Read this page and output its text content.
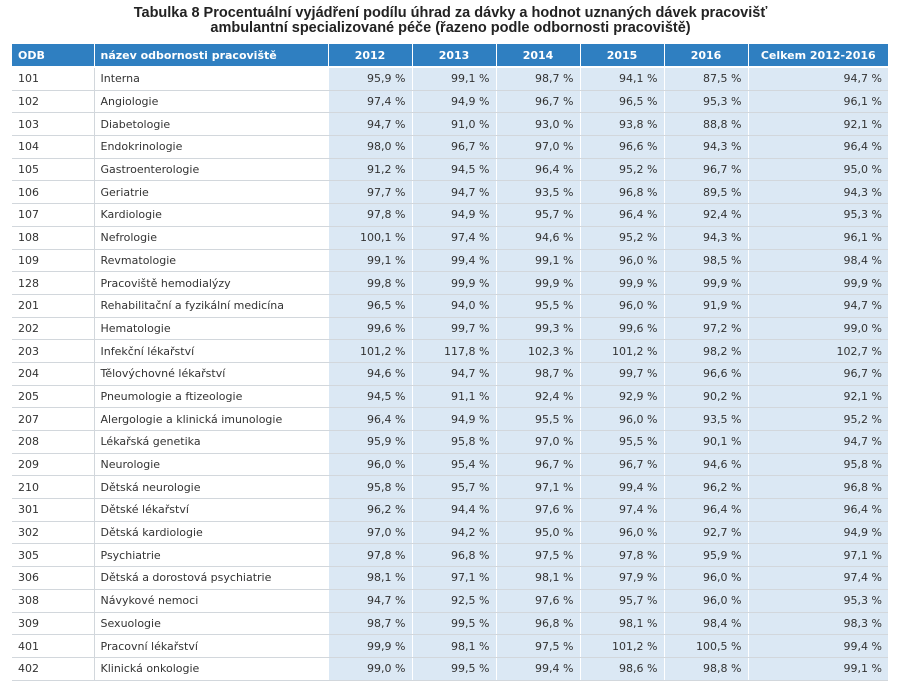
Tabulka 8 Procentuální vyjádření podílu úhrad za dávky a hodnot uznaných dávek pracovišť
ambulantní specializované péče (řazeno podle odbornosti pracoviště)
ODB	název odbornosti pracoviště	2012	2013	2014	2015	2016	Celkem 2012-2016
101	Interna	95,9 %	99,1 %	98,7 %	94,1 %	87,5 %	94,7 %
102	Angiologie	97,4 %	94,9 %	96,7 %	96,5 %	95,3 %	96,1 %
103	Diabetologie	94,7 %	91,0 %	93,0 %	93,8 %	88,8 %	92,1 %
104	Endokrinologie	98,0 %	96,7 %	97,0 %	96,6 %	94,3 %	96,4 %
105	Gastroenterologie	91,2 %	94,5 %	96,4 %	95,2 %	96,7 %	95,0 %
106	Geriatrie	97,7 %	94,7 %	93,5 %	96,8 %	89,5 %	94,3 %
107	Kardiologie	97,8 %	94,9 %	95,7 %	96,4 %	92,4 %	95,3 %
108	Nefrologie	100,1 %	97,4 %	94,6 %	95,2 %	94,3 %	96,1 %
109	Revmatologie	99,1 %	99,4 %	99,1 %	96,0 %	98,5 %	98,4 %
128	Pracoviště hemodialýzy	99,8 %	99,9 %	99,9 %	99,9 %	99,9 %	99,9 %
201	Rehabilitační a fyzikální medicína	96,5 %	94,0 %	95,5 %	96,0 %	91,9 %	94,7 %
202	Hematologie	99,6 %	99,7 %	99,3 %	99,6 %	97,2 %	99,0 %
203	Infekční lékařství	101,2 %	117,8 %	102,3 %	101,2 %	98,2 %	102,7 %
204	Tělovýchovné lékařství	94,6 %	94,7 %	98,7 %	99,7 %	96,6 %	96,7 %
205	Pneumologie a ftizeologie	94,5 %	91,1 %	92,4 %	92,9 %	90,2 %	92,1 %
207	Alergologie a klinická imunologie	96,4 %	94,9 %	95,5 %	96,0 %	93,5 %	95,2 %
208	Lékařská genetika	95,9 %	95,8 %	97,0 %	95,5 %	90,1 %	94,7 %
209	Neurologie	96,0 %	95,4 %	96,7 %	96,7 %	94,6 %	95,8 %
210	Dětská neurologie	95,8 %	95,7 %	97,1 %	99,4 %	96,2 %	96,8 %
301	Dětské lékařství	96,2 %	94,4 %	97,6 %	97,4 %	96,4 %	96,4 %
302	Dětská kardiologie	97,0 %	94,2 %	95,0 %	96,0 %	92,7 %	94,9 %
305	Psychiatrie	97,8 %	96,8 %	97,5 %	97,8 %	95,9 %	97,1 %
306	Dětská a dorostová psychiatrie	98,1 %	97,1 %	98,1 %	97,9 %	96,0 %	97,4 %
308	Návykové nemoci	94,7 %	92,5 %	97,6 %	95,7 %	96,0 %	95,3 %
309	Sexuologie	98,7 %	99,5 %	96,8 %	98,1 %	98,4 %	98,3 %
401	Pracovní lékařství	99,9 %	98,1 %	97,5 %	101,2 %	100,5 %	99,4 %
402	Klinická onkologie	99,0 %	99,5 %	99,4 %	98,6 %	98,8 %	99,1 %
